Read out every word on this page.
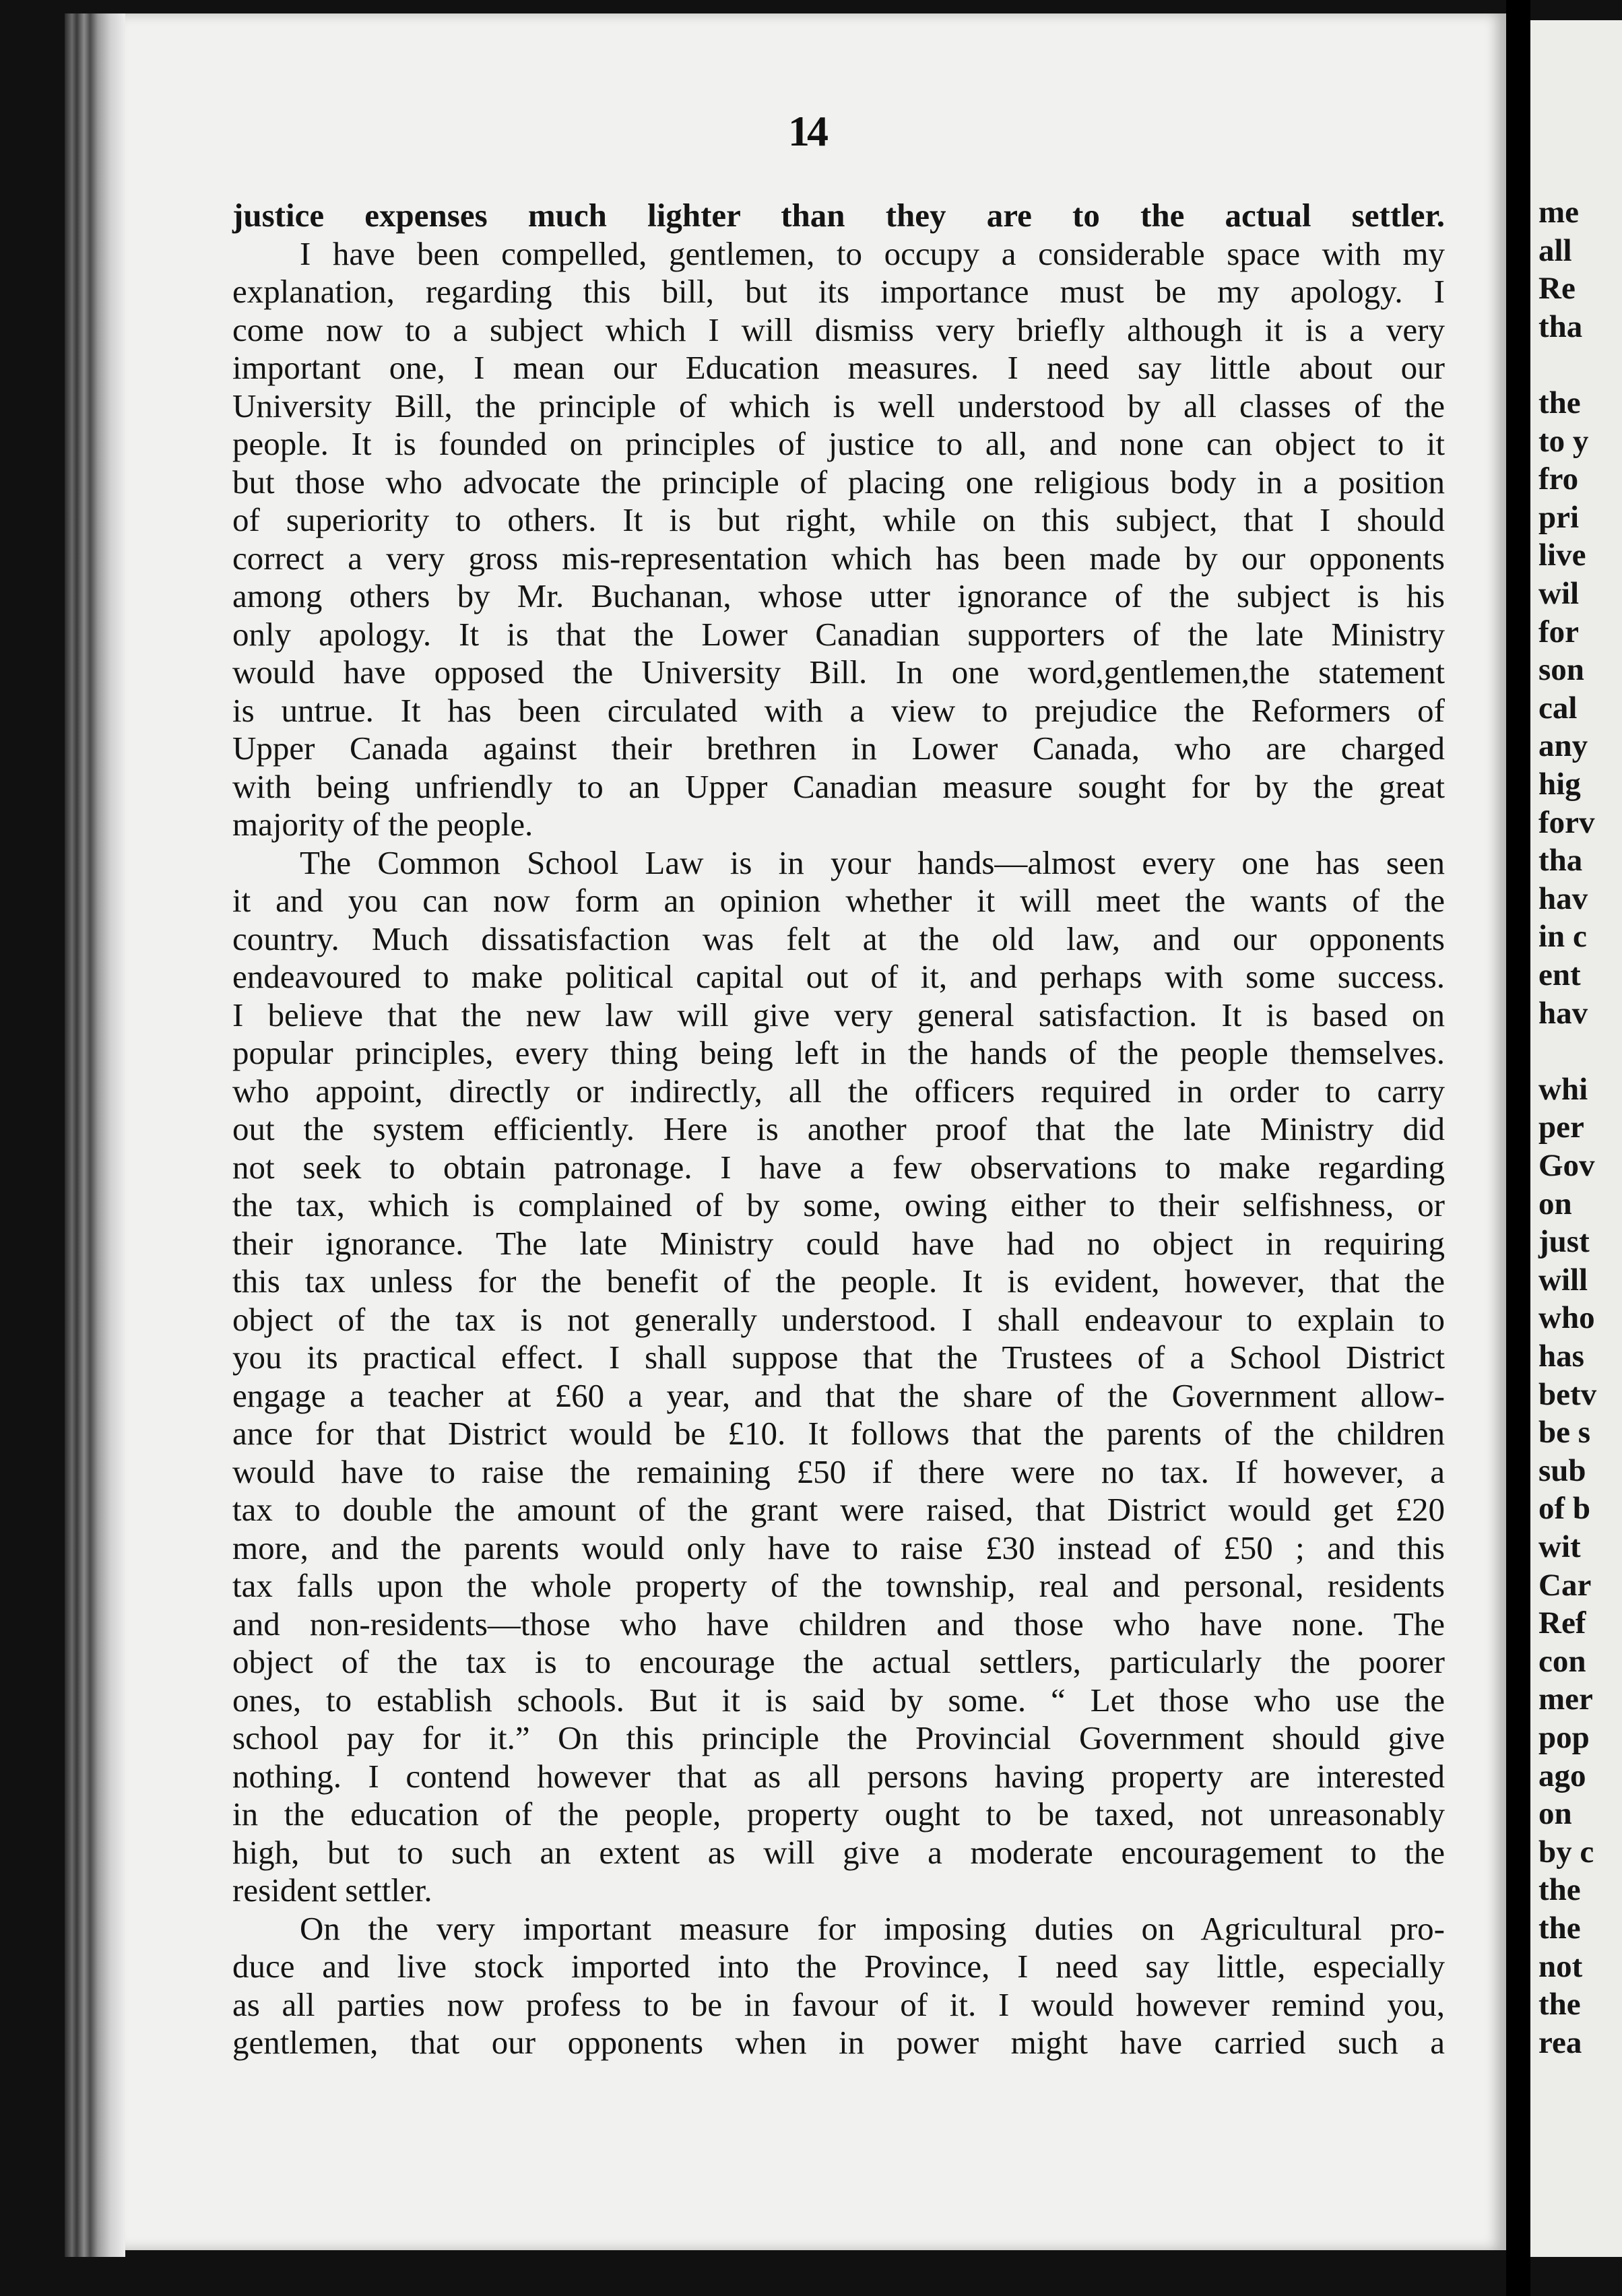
14
justice expenses much lighter than they are to the actual settler.
I have been compelled, gentlemen, to occupy a considerable space with my
explanation, regarding this bill, but its importance must be my apology. I
come now to a subject which I will dismiss very briefly although it is a very
important one, I mean our Education measures. I need say little about our
University Bill, the principle of which is well understood by all classes of the
people. It is founded on principles of justice to all, and none can object to it
but those who advocate the principle of placing one religious body in a position
of superiority to others. It is but right, while on this subject, that I should
correct a very gross mis-representation which has been made by our opponents
among others by Mr. Buchanan, whose utter ignorance of the subject is his
only apology. It is that the Lower Canadian supporters of the late Ministry
would have opposed the University Bill. In one word,gentlemen,the statement
is untrue. It has been circulated with a view to prejudice the Reformers of
Upper Canada against their brethren in Lower Canada, who are charged
with being unfriendly to an Upper Canadian measure sought for by the great
majority of the people.
The Common School Law is in your hands—almost every one has seen
it and you can now form an opinion whether it will meet the wants of the
country. Much dissatisfaction was felt at the old law, and our opponents
endeavoured to make political capital out of it, and perhaps with some success.
I believe that the new law will give very general satisfaction. It is based on
popular principles, every thing being left in the hands of the people themselves.
who appoint, directly or indirectly, all the officers required in order to carry
out the system efficiently. Here is another proof that the late Ministry did
not seek to obtain patronage. I have a few observations to make regarding
the tax, which is complained of by some, owing either to their selfishness, or
their ignorance. The late Ministry could have had no object in requiring
this tax unless for the benefit of the people. It is evident, however, that the
object of the tax is not generally understood. I shall endeavour to explain to
you its practical effect. I shall suppose that the Trustees of a School District
engage a teacher at £60 a year, and that the share of the Government allow-
ance for that District would be £10. It follows that the parents of the children
would have to raise the remaining £50 if there were no tax. If however, a
tax to double the amount of the grant were raised, that District would get £20
more, and the parents would only have to raise £30 instead of £50 ; and this
tax falls upon the whole property of the township, real and personal, residents
and non-residents—those who have children and those who have none. The
object of the tax is to encourage the actual settlers, particularly the poorer
ones, to establish schools. But it is said by some. “ Let those who use the
school pay for it.” On this principle the Provincial Government should give
nothing. I contend however that as all persons having property are interested
in the education of the people, property ought to be taxed, not unreasonably
high, but to such an extent as will give a moderate encouragement to the
resident settler.
On the very important measure for imposing duties on Agricultural pro-
duce and live stock imported into the Province, I need say little, especially
as all parties now profess to be in favour of it. I would however remind you,
gentlemen, that our opponents when in power might have carried such a
me
all
Re
tha
the
to y
fro
pri
live
wil
for
son
cal
any
hig
forv
tha
hav
in c
ent
hav
whi
per
Gov
on
just
will
who
has
betv
be s
sub
of b
wit
Car
Ref
con
mer
pop
ago
on
by c
the
the
not
the
rea
